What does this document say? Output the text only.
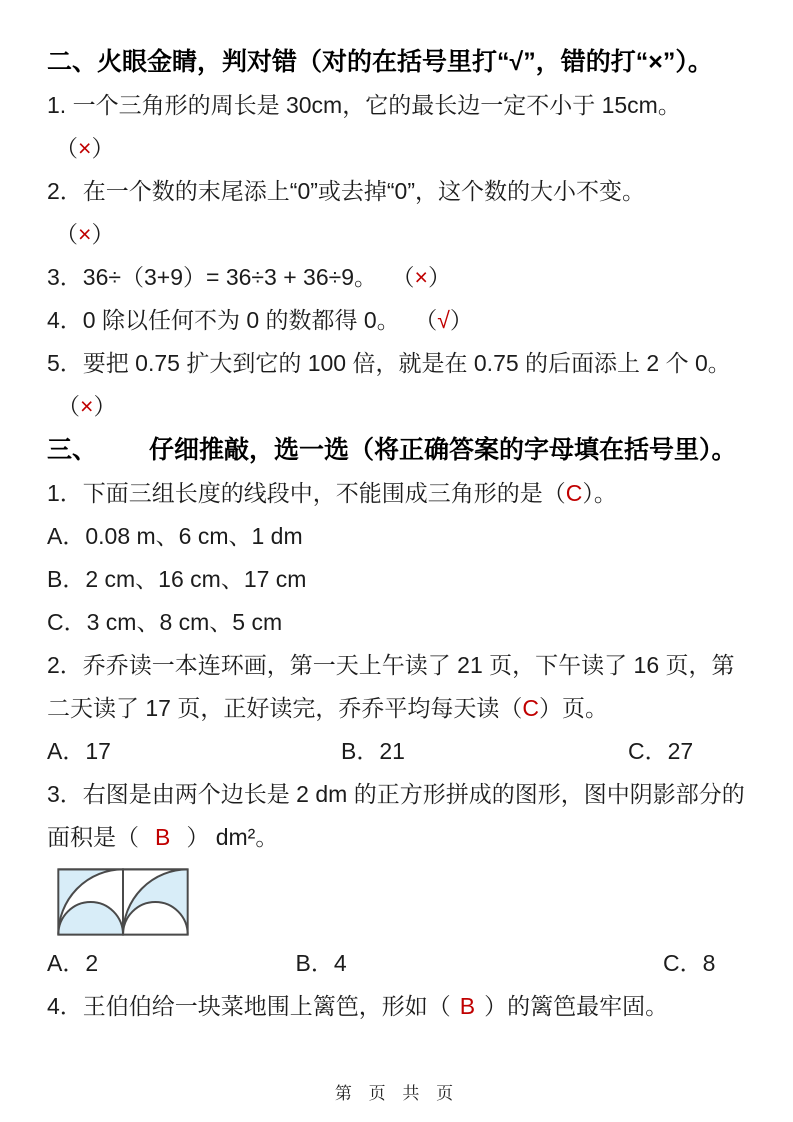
二、火眼金睛，判对错（对的在括号里打“√”，错的打“×”）。

1. 一个三角形的周长是 30cm，它的最长边一定不小于 15cm。

（×）

2．在一个数的末尾添上“0”或去掉“0”，这个数的大小不变。

（×）

3．36÷（3+9）= 36÷3 + 36÷9。 （×）

4．0 除以任何不为 0 的数都得 0。 （√）

5．要把 0.75 扩大到它的 100 倍，就是在 0.75 的后面添上 2 个 0。（×）

三、 仔细推敲，选一选（将正确答案的字母填在括号里）。

1．下面三组长度的线段中，不能围成三角形的是（C）。

A．0.08 m、6 cm、1 dm

B．2 cm、16 cm、17 cm

C．3 cm、8 cm、5 cm

2．乔乔读一本连环画，第一天上午读了 21 页，下午读了 16 页，第二天读了 17 页，正好读完，乔乔平均每天读（C）页。

A．17	B．21	C．27

3．右图是由两个边长是 2 dm 的正方形拼成的图形，图中阴影部分的面积是（ B ） dm²。

A．2	B．4	C．8

4．王伯伯给一块菜地围上篱笆，形如（ B ）的篱笆最牢固。

第 页 共 页
